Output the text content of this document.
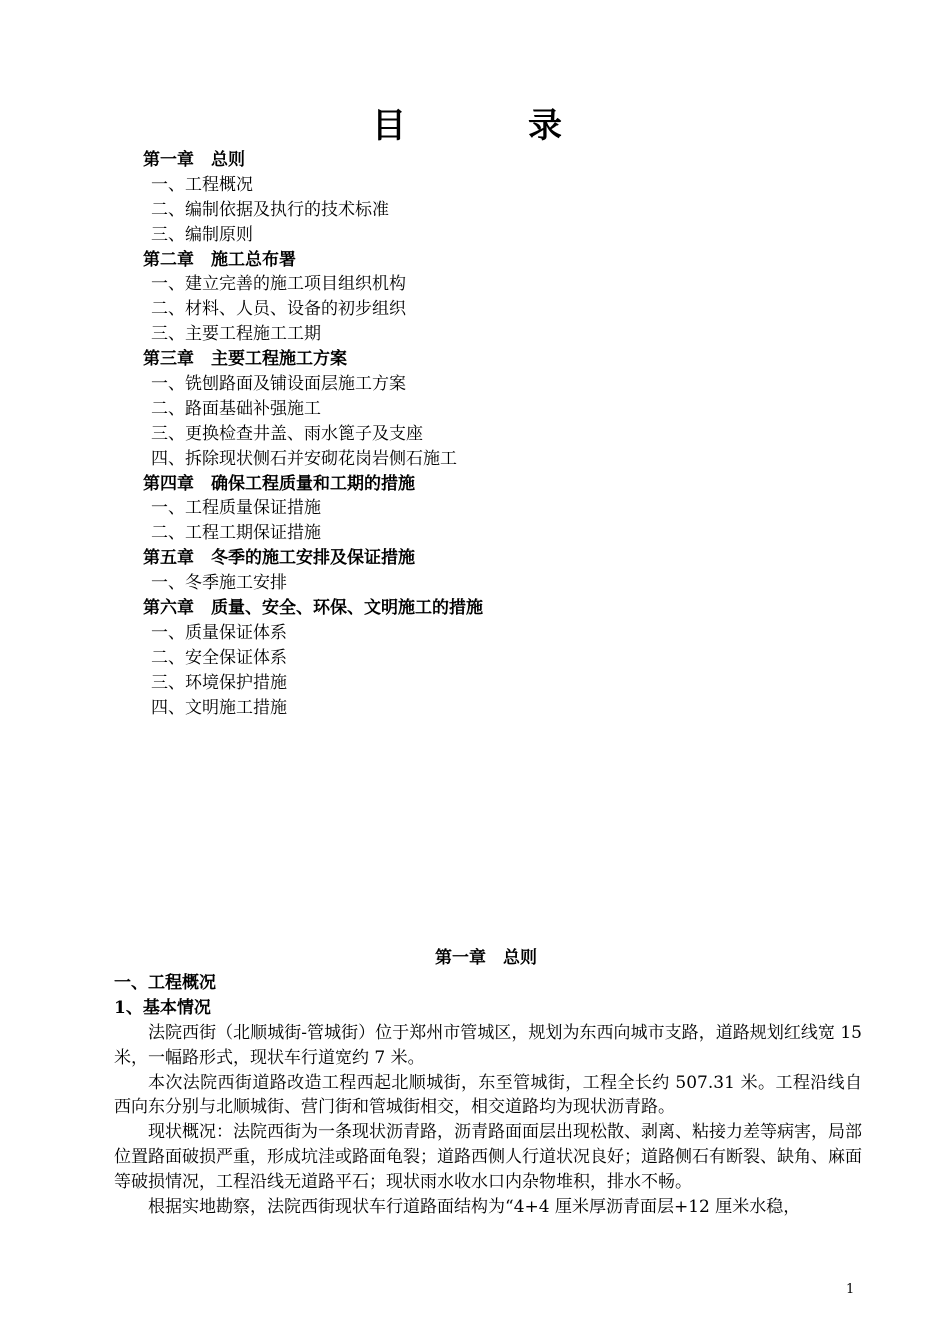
目　录
第一章　总则
一、工程概况
二、编制依据及执行的技术标准
三、编制原则
第二章　施工总布署
一、建立完善的施工项目组织机构
二、材料、人员、设备的初步组织
三、主要工程施工工期
第三章　主要工程施工方案
一、铣刨路面及铺设面层施工方案
二、路面基础补强施工
三、更换检查井盖、雨水篦子及支座
四、拆除现状侧石并安砌花岗岩侧石施工
第四章　确保工程质量和工期的措施
一、工程质量保证措施
二、工程工期保证措施
第五章　冬季的施工安排及保证措施
一、冬季施工安排
第六章　质量、安全、环保、文明施工的措施
一、质量保证体系
二、安全保证体系
三、环境保护措施
四、文明施工措施
第一章　总则
一、工程概况
1、基本情况

法院西街（北顺城街-管城街）位于郑州市管城区，规划为东西向城市支路，道路规划红线宽 15 米，一幅路形式，现状车行道宽约 7 米。

本次法院西街道路改造工程西起北顺城街，东至管城街，工程全长约 507.31 米。工程沿线自西向东分别与北顺城街、营门街和管城街相交，相交道路均为现状沥青路。

现状概况：法院西街为一条现状沥青路，沥青路面面层出现松散、剥离、粘接力差等病害，局部位置路面破损严重，形成坑洼或路面龟裂；道路西侧人行道状况良好；道路侧石有断裂、缺角、麻面等破损情况，工程沿线无道路平石；现状雨水收水口内杂物堆积，排水不畅。

根据实地勘察，法院西街现状车行道路面结构为“4+4 厘米厚沥青面层+12 厘米水稳，

1
